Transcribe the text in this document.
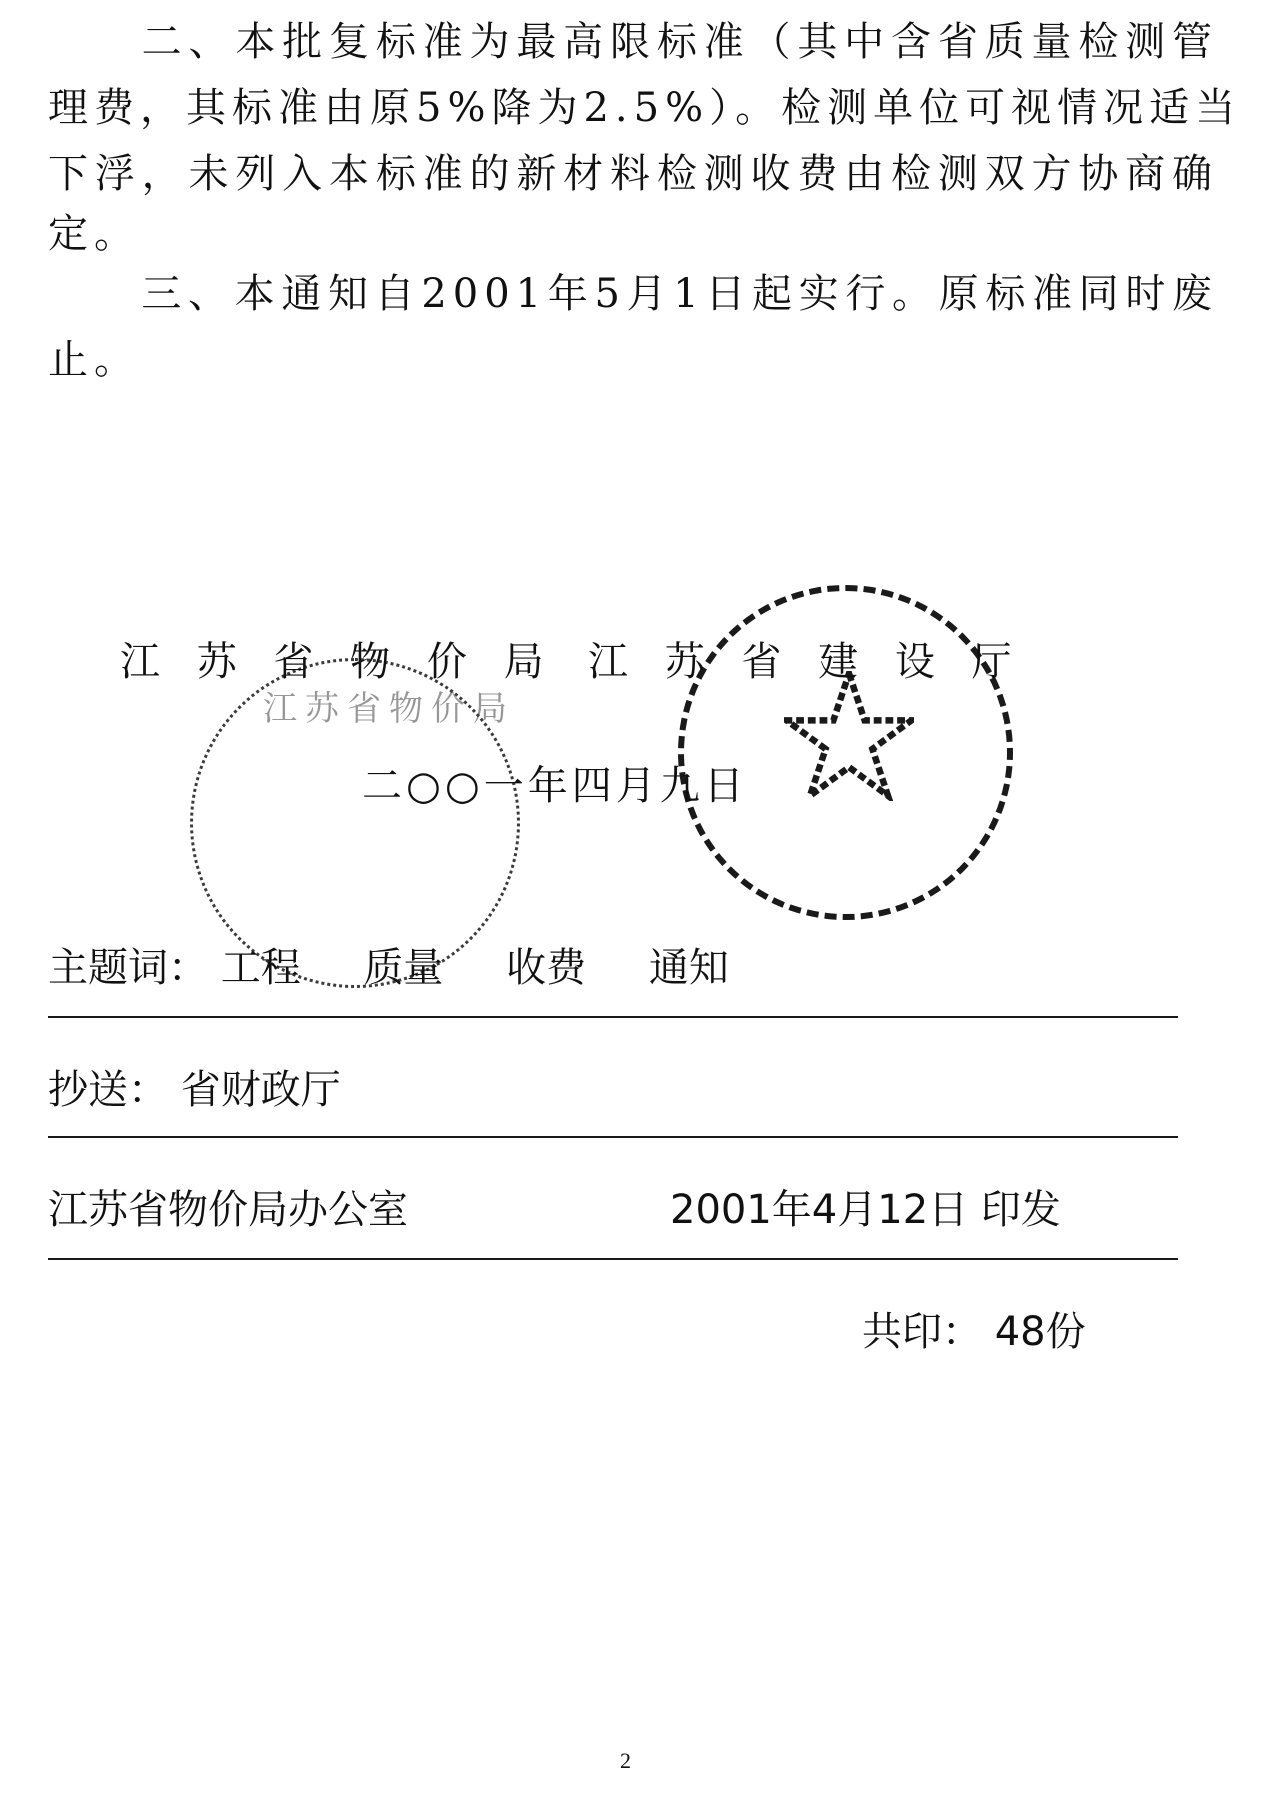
　　二、本批复标准为最高限标准（其中含省质量检测管
理费，其标准由原5%降为2.5%）。检测单位可视情况适当
下浮，未列入本标准的新材料检测收费由检测双方协商确
定。
　　三、本通知自2001年5月1日起实行。原标准同时废
止。
江苏省物价局
江 苏 省 物 价 局 江 苏 省 建 设 厅
二○○一年四月九日
主题词： 工程 质量 收费 通知
抄送： 省财政厅
江苏省物价局办公室	2001年4月12日 印发
共印： 48份
2
